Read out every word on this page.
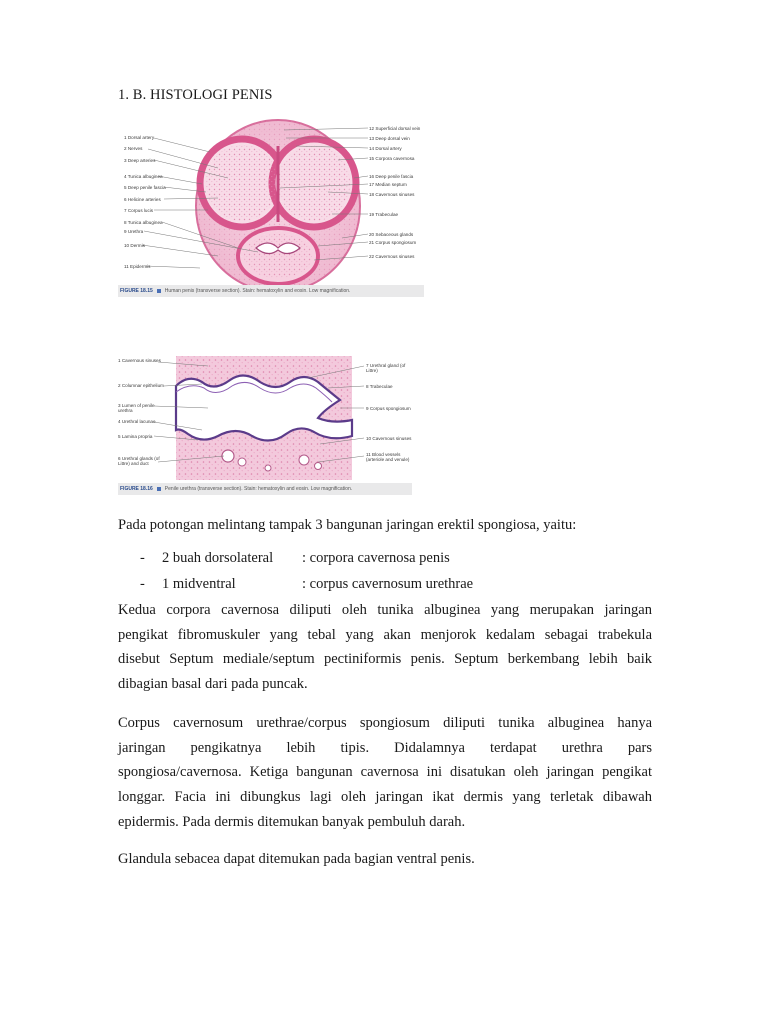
1. B. HISTOLOGI PENIS
1 Dorsal artery
2 Nerves
3 Deep arteries
4 Tunica albuginea
5 Deep penile fascia
6 Helicine arteries
7 Corpus lucis
8 Tunica albuginea
9 Urethra
10 Dermis
11 Epidermis
12 Superficial dorsal vein
13 Deep dorsal vein
14 Dorsal artery
15 Corpora cavernosa
16 Deep penile fascia
17 Median septum
18 Cavernous sinuses
19 Trabeculae
20 Sebaceous glands
21 Corpus spongiosum
22 Cavernous sinuses
FIGURE 18.15 Human penis (transverse section). Stain: hematoxylin and eosin. Low magnification.
1 Cavernous sinuses
2 Columnar epithelium
3 Lumen of penile urethra
4 Urethral lacunae
5 Lamina propria
6 Urethral glands (of Littre) and duct
7 Urethral gland (of Littre)
8 Trabeculae
9 Corpus spongiosum
10 Cavernous sinuses
11 Blood vessels (arteriole and venule)
FIGURE 18.16 Penile urethra (transverse section). Stain: hematoxylin and eosin. Low magnification.
Pada potongan melintang tampak 3 bangunan jaringan erektil spongiosa, yaitu:
- 2 buah dorsolateral : corpora cavernosa penis
- 1 midventral	: corpus cavernosum urethrae
Kedua corpora cavernosa diliputi oleh tunika albuginea yang merupakan jaringan
pengikat fibromuskuler yang tebal yang akan menjorok kedalam sebagai trabekula
disebut Septum mediale/septum pectiniformis penis. Septum berkembang lebih baik
dibagian basal dari pada puncak.
Corpus cavernosum urethrae/corpus spongiosum diliputi tunika albuginea hanya
jaringan pengikatnya lebih tipis. Didalamnya terdapat urethra pars
spongiosa/cavernosa. Ketiga bangunan cavernosa ini disatukan oleh jaringan pengikat
longgar. Facia ini dibungkus lagi oleh jaringan ikat dermis yang terletak dibawah
epidermis. Pada dermis ditemukan banyak pembuluh darah.
Glandula sebacea dapat ditemukan pada bagian ventral penis.
